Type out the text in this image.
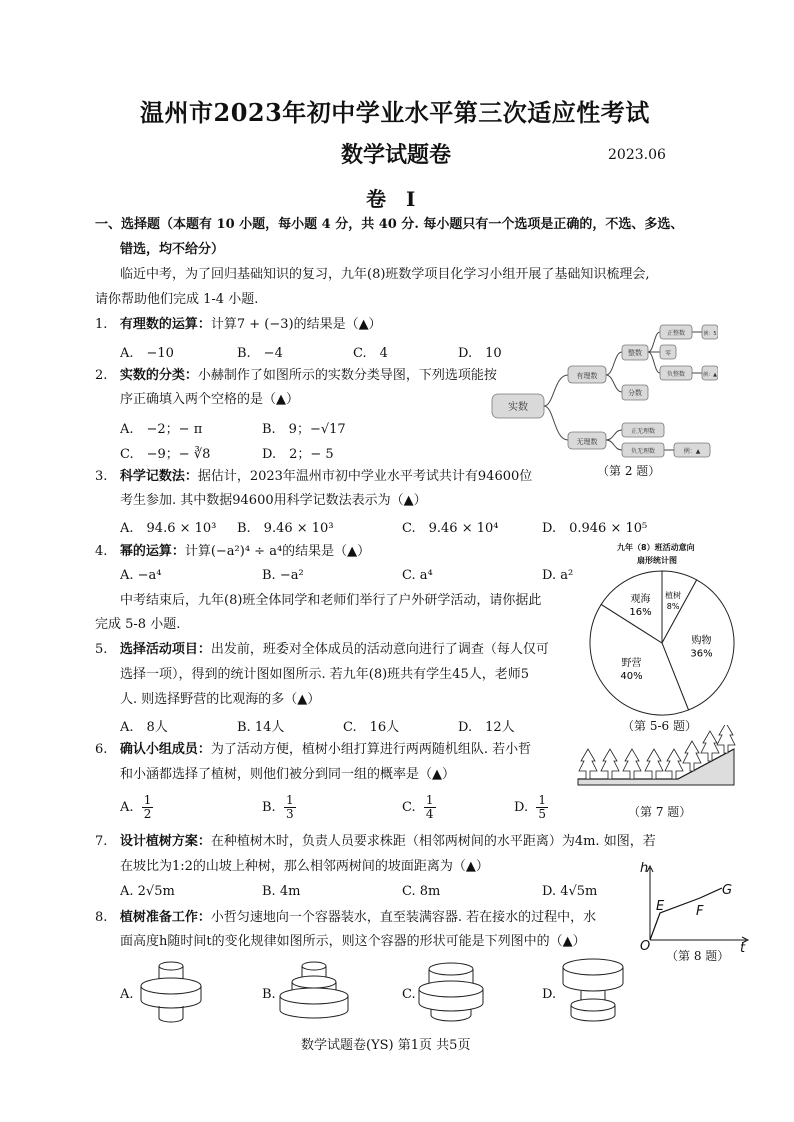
温州市2023年初中学业水平第三次适应性考试
数学试题卷	2023.06
卷　I
一、选择题（本题有 10 小题，每小题 4 分，共 40 分. 每小题只有一个选项是正确的，不选、多选、
错选，均不给分）
临近中考，为了回归基础知识的复习，九年(8)班数学项目化学习小组开展了基础知识梳理会,
请你帮助他们完成 1-4 小题.
1. 有理数的运算：计算7 + (−3)的结果是（▲）
A.　−10	B.　−4	C.　4	D.　10
2. 实数的分类：小赫制作了如图所示的实数分类导图，下列选项能按
序正确填入两个空格的是（▲）
A.　−2；− π	B.　9；−√17
C.　−9；− ∛8	D.　2；− 5
实数
有理数
无理数
整数
分数
正整数
零
负整数
例：5
例：▲
正无理数
负无理数	例：▲
（第 2 题）
3. 科学记数法：据估计，2023年温州市初中学业水平考试共计有94600位
考生参加. 其中数据94600用科学记数法表示为（▲）
A.　94.6 × 10³ B.　9.46 × 10³	C.　9.46 × 10⁴	D.　0.946 × 10⁵
4. 幂的运算：计算(−a²)⁴ ÷ a⁴的结果是（▲）
A. −a⁴	B. −a²	C. a⁴	D. a²
中考结束后，九年(8)班全体同学和老师们举行了户外研学活动，请你据此
完成 5-8 小题.
九年（8）班活动意向
扇形统计图
植树
8%
购物
36%
野营
40%
观海
16%
（第 5-6 题）
5. 选择活动项目：出发前，班委对全体成员的活动意向进行了调查（每人仅可
选择一项），得到的统计图如图所示. 若九年(8)班共有学生45人，老师5
人. 则选择野营的比观海的多（▲）
A.　8人	B. 14人	C.　16人	D.　12人
6. 确认小组成员：为了活动方便，植树小组打算进行两两随机组队. 若小哲
和小涵都选择了植树，则他们被分到同一组的概率是（▲）
A. $\frac{1}{2}$	B. $\frac{1}{3}$	C. $\frac{1}{4}$	D. $\frac{1}{5}$	（第 7 题）
7. 设计植树方案：在种植树木时，负责人员要求株距（相邻两树间的水平距离）为4m. 如图，若
在坡比为1:2的山坡上种树，那么相邻两树间的坡面距离为（▲）
A. 2√5m	B. 4m	C. 8m	D. 4√5m
h
t
O
E F
G
（第 8 题）
8. 植树准备工作：小哲匀速地向一个容器装水，直至装满容器. 若在接水的过程中，水
面高度h随时间t的变化规律如图所示，则这个容器的形状可能是下列图中的（▲）
A.	B.	C.	D.
数学试题卷(YS) 第1页 共5页
